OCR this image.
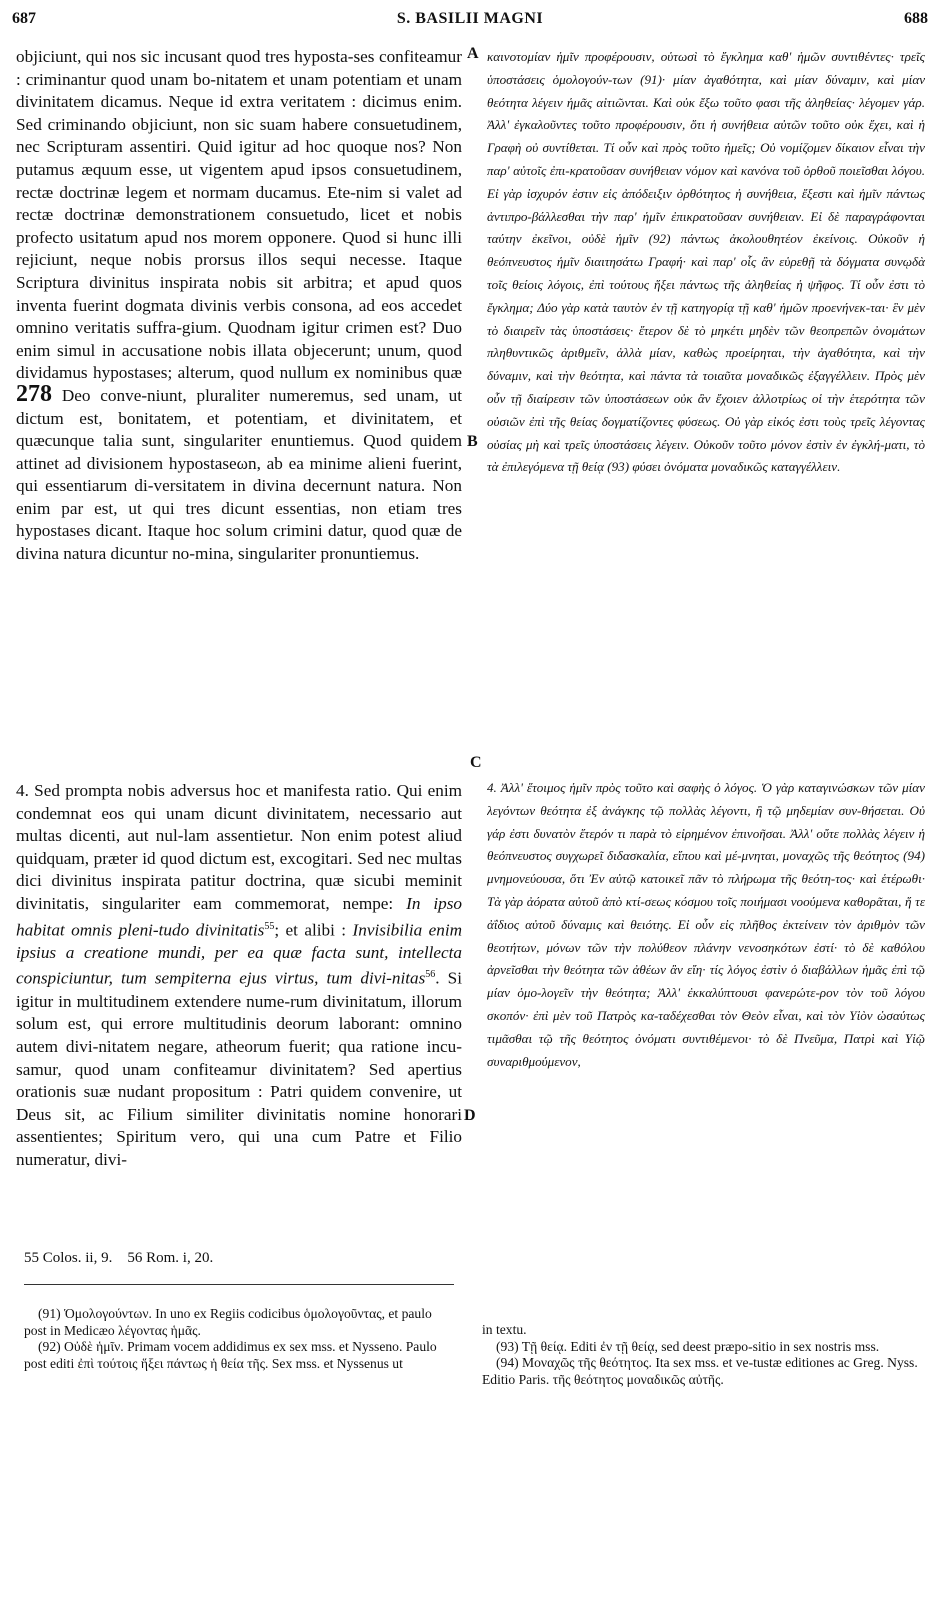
687	S. BASILII MAGNI	688

objiciunt, qui nos sic incusant quod tres hyposta-ses confiteamur : criminantur quod unam bo-nitatem et unam potentiam et unam divinitatem dicamus. Neque id extra veritatem : dicimus enim. Sed criminando objiciunt, non sic suam habere consuetudinem, nec Scripturam assentiri. Quid igitur ad hoc quoque nos? Non putamus æquum esse, ut vigentem apud ipsos consuetudinem, rectæ doctrinæ legem et normam ducamus. Ete-nim si valet ad rectæ doctrinæ demonstrationem consuetudo, licet et nobis profecto usitatum apud nos morem opponere. Quod si hunc illi rejiciunt, neque nobis prorsus illos sequi necesse. Itaque Scriptura divinitus inspirata nobis sit arbitra; et apud quos inventa fuerint dogmata divinis verbis consona, ad eos accedet omnino veritatis suffra-gium. Quodnam igitur crimen est? Duo enim simul in accusatione nobis illata objecerunt; unum, quod dividamus hypostases; alterum, quod nullum ex nominibus quæ 278 Deo conve-niunt, pluraliter numeremus, sed unam, ut dictum est, bonitatem, et potentiam, et divinitatem, et quæcunque talia sunt, singulariter enuntiemus. Quod quidem attinet ad divisionem hypostaseωn, ab ea minime alieni fuerint, qui essentiarum di-versitatem in divina decernunt natura. Non enim par est, ut qui tres dicunt essentias, non etiam tres hypostases dicant. Itaque hoc solum crimini datur, quod quæ de divina natura dicuntur no-mina, singulariter pronuntiemus.

καινοτομίαν ἡμῖν προφέρουσιν, οὑτωσὶ τὸ ἔγκλημα καθ' ἡμῶν συντιθέντες· τρεῖς ὑποστάσεις ὁμολογούν-των (91)· μίαν ἀγαθότητα, καὶ μίαν δύναμιν, καὶ μίαν θεότητα λέγειν ἡμᾶς αἰτιῶνται. Καὶ οὐκ ἔξω τοῦτο φασι τῆς ἀληθείας· λέγομεν γάρ. Ἀλλ' ἐγκαλοῦντες τοῦτο προφέρουσιν, ὅτι ἡ συνήθεια αὐτῶν τοῦτο οὐκ ἔχει, καὶ ἡ Γραφὴ οὐ συντίθεται. Τί οὖν καὶ πρὸς τοῦτο ἡμεῖς; Οὐ νομίζομεν δίκαιον εἶναι τὴν παρ' αὐτοῖς ἐπι-κρατοῦσαν συνήθειαν νόμον καὶ κανόνα τοῦ ὀρθοῦ ποιεῖσθαι λόγου. Εἰ γὰρ ἰσχυρόν ἐστιν εἰς ἀπόδειξιν ὀρθότητος ἡ συνήθεια, ἔξεστι καὶ ἡμῖν πάντως ἀντιπρο-βάλλεσθαι τὴν παρ' ἡμῖν ἐπικρατοῦσαν συνήθειαν. Εἰ δὲ παραγράφονται ταύτην ἐκεῖνοι, οὐδὲ ἡμῖν (92) πάντως ἀκολουθητέον ἐκείνοις. Οὐκοῦν ἡ θεόπνευστος ἡμῖν διαιτησάτω Γραφή· καὶ παρ' οἷς ἂν εὑρεθῇ τὰ δόγματα συνῳδὰ τοῖς θείοις λόγοις, ἐπὶ τούτους ἥξει πάντως τῆς ἀληθείας ἡ ψῆφος. Τί οὖν ἐστι τὸ ἔγκλημα; Δύο γὰρ κατὰ ταυτὸν ἐν τῇ κατηγορίᾳ τῇ καθ' ἡμῶν προενήνεκ-ται· ἓν μὲν τὸ διαιρεῖν τὰς ὑποστάσεις· ἕτερον δὲ τὸ μηκέτι μηδὲν τῶν θεοπρεπῶν ὀνομάτων πληθυντικῶς ἀριθμεῖν, ἀλλὰ μίαν, καθὼς προείρηται, τὴν ἀγαθότητα, καὶ τὴν δύναμιν, καὶ τὴν θεότητα, καὶ πάντα τὰ τοιαῦτα μοναδικῶς ἐξαγγέλλειν. Πρὸς μὲν οὖν τῇ διαίρεσιν τῶν ὑποστάσεων οὐκ ἂν ἔχοιεν ἀλλοτρίως οἱ τὴν ἑτερότητα τῶν οὐσιῶν ἐπὶ τῆς θείας δογματίζοντες φύσεως. Οὐ γὰρ εἰκός ἐστι τοὺς τρεῖς λέγοντας οὐσίας μὴ καὶ τρεῖς ὑποστάσεις λέγειν. Οὐκοῦν τοῦτο μόνον ἐστὶν ἐν ἐγκλή-ματι, τὸ τὰ ἐπιλεγόμενα τῇ θείᾳ (93) φύσει ὀνόματα μοναδικῶς καταγγέλλειν.

A
B
C
D

4. Sed prompta nobis adversus hoc et manifesta ratio. Qui enim condemnat eos qui unam dicunt divinitatem, necessario aut multas dicenti, aut nul-lam assentietur. Non enim potest aliud quidquam, præter id quod dictum est, excogitari. Sed nec multas dici divinitus inspirata patitur doctrina, quæ sicubi meminit divinitatis, singulariter eam commemorat, nempe: In ipso habitat omnis pleni-tudo divinitatis$^{55}$; et alibi : Invisibilia enim ipsius a creatione mundi, per ea quæ facta sunt, intellecta conspiciuntur, tum sempiterna ejus virtus, tum divi-nitas$^{56}$. Si igitur in multitudinem extendere nume-rum divinitatum, illorum solum est, qui errore multitudinis deorum laborant: omnino autem divi-nitatem negare, atheorum fuerit; qua ratione incu-samur, quod unam confiteamur divinitatem? Sed apertius orationis suæ nudant propositum : Patri quidem convenire, ut Deus sit, ac Filium similiter divinitatis nomine honorari assentientes; Spiritum vero, qui una cum Patre et Filio numeratur, divi-

4. Ἀλλ' ἕτοιμος ἡμῖν πρὸς τοῦτο καὶ σαφὴς ὁ λόγος. Ὁ γὰρ καταγινώσκων τῶν μίαν λεγόντων θεότητα ἐξ ἀνάγκης τῷ πολλὰς λέγοντι, ἢ τῷ μηδεμίαν συν-θήσεται. Οὐ γάρ ἐστι δυνατὸν ἕτερόν τι παρὰ τὸ εἰρημένον ἐπινοῆσαι. Ἀλλ' οὔτε πολλὰς λέγειν ἡ θεόπνευστος συγχωρεῖ διδασκαλία, εἴπου καὶ μέ-μνηται, μοναχῶς τῆς θεότητος (94) μνημονεύουσα, ὅτι Ἐν αὐτῷ κατοικεῖ πᾶν τὸ πλήρωμα τῆς θεότη-τος· καὶ ἑτέρωθι· Τὰ γὰρ ἀόρατα αὐτοῦ ἀπὸ κτί-σεως κόσμου τοῖς ποιήμασι νοούμενα καθορᾶται, ἥ τε ἀΐδιος αὐτοῦ δύναμις καὶ θειότης. Εἰ οὖν εἰς πλῆθος ἐκτείνειν τὸν ἀριθμὸν τῶν θεοτήτων, μόνων τῶν τὴν πολύθεον πλάνην νενοσηκότων ἐστί· τὸ δὲ καθόλου ἀρνεῖσθαι τὴν θεότητα τῶν ἀθέων ἂν εἴη· τίς λόγος ἐστὶν ὁ διαβάλλων ἡμᾶς ἐπὶ τῷ μίαν ὁμο-λογεῖν τὴν θεότητα; Ἀλλ' ἐκκαλύπτουσι φανερώτε-ρον τὸν τοῦ λόγου σκοπόν· ἐπὶ μὲν τοῦ Πατρὸς κα-ταδέχεσθαι τὸν Θεὸν εἶναι, καὶ τὸν Υἱὸν ὡσαύτως τιμᾶσθαι τῷ τῆς θεότητος ὀνόματι συντιθέμενοι· τὸ δὲ Πνεῦμα, Πατρὶ καὶ Υἱῷ συναριθμούμενον,

55 Colos. ii, 9. 56 Rom. i, 20.

(91) Ὁμολογούντων. In uno ex Regiis codicibus ὁμολογοῦντας, et paulo post in Medicæo λέγοντας ἡμᾶς.

(92) Οὐδὲ ἡμῖν. Primam vocem addidimus ex sex mss. et Nysseno. Paulo post editi ἐπὶ τούτοις ἥξει πάντως ἡ θεία τῆς. Sex mss. et Nyssenus ut

in textu.

(93) Τῇ θείᾳ. Editi ἐν τῇ θείᾳ, sed deest præpo-sitio in sex nostris mss.

(94) Μοναχῶς τῆς θεότητος. Ita sex mss. et ve-tustæ editiones ac Greg. Nyss. Editio Paris. τῆς θεότητος μοναδικῶς αὐτῆς.
